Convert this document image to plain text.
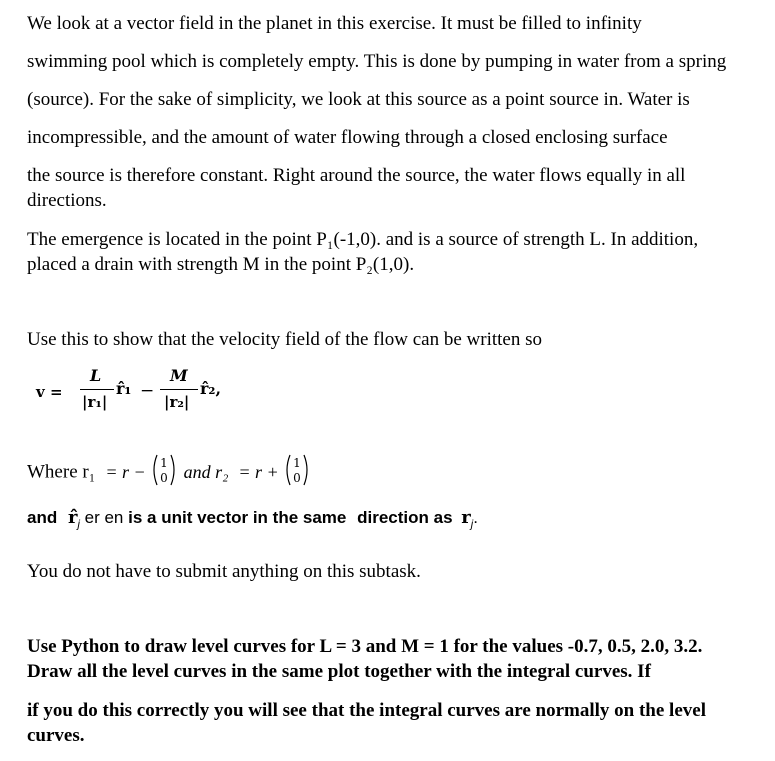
We look at a vector field in the planet in this exercise. It must be filled to infinity
swimming pool which is completely empty. This is done by pumping in water from a spring
(source). For the sake of simplicity, we look at this source as a point source in. Water is
incompressible, and the amount of water flowing through a closed enclosing surface
the source is therefore constant. Right around the source, the water flows equally in all
directions.
The emergence is located in the point P₁(-1,0). and is a source of strength L. In addition,
placed a drain with strength M in the point P₂(1,0).
Use this to show that the velocity field of the flow can be written so
v =
L
|r₁|
r̂₁ −
M
|r₂|
r̂₂,
Where r₁ = r − 1
0 and r₂ = r + 1
0
and $r̂_j$ er en is a unit vector in the same direction as $r_j$.
You do not have to submit anything on this subtask.
Use Python to draw level curves for L = 3 and M = 1 for the values -0.7, 0.5, 2.0, 3.2.
Draw all the level curves in the same plot together with the integral curves. If
if you do this correctly you will see that the integral curves are normally on the level
curves.
